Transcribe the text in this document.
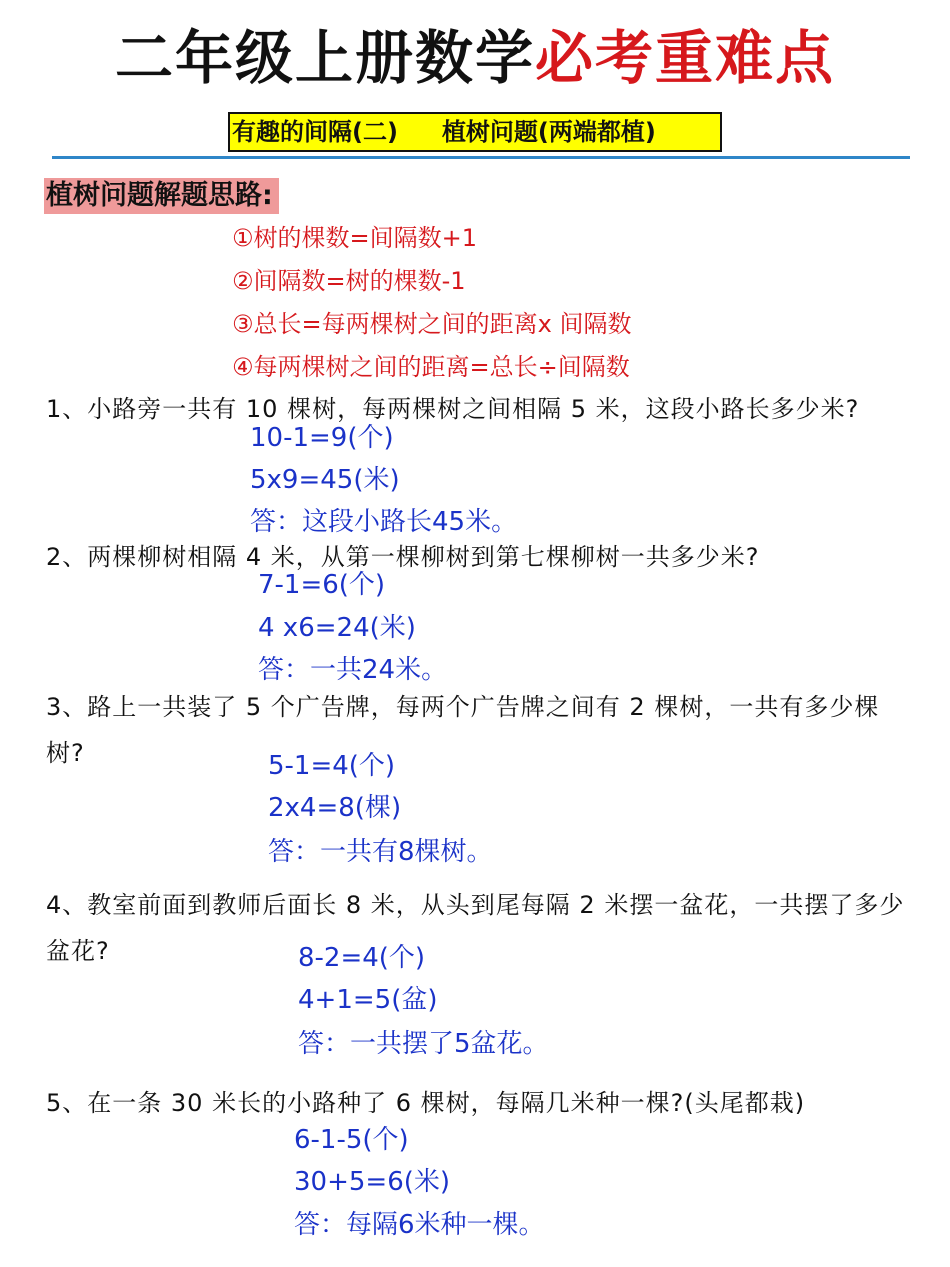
二年级上册数学必考重难点
有趣的间隔(二) 植树问题(两端都植)
植树问题解题思路:
①树的棵数=间隔数+1
②间隔数=树的棵数-1
③总长=每两棵树之间的距离x 间隔数
④每两棵树之间的距离=总长÷间隔数
1、小路旁一共有 10 棵树，每两棵树之间相隔 5 米，这段小路长多少米?
10-1=9(个)
5x9=45(米)
答：这段小路长45米。
2、两棵柳树相隔 4 米，从第一棵柳树到第七棵柳树一共多少米?
7-1=6(个)
4 x6=24(米)
答：一共24米。
3、路上一共装了 5 个广告牌，每两个广告牌之间有 2 棵树，一共有多少棵树?	5-1=4(个)
2x4=8(棵)
答：一共有8棵树。
4、教室前面到教师后面长 8 米，从头到尾每隔 2 米摆一盆花，一共摆了多少盆花?	8-2=4(个)
4+1=5(盆)
答：一共摆了5盆花。
5、在一条 30 米长的小路种了 6 棵树，每隔几米种一棵?(头尾都栽)
6-1-5(个)
30+5=6(米)
答：每隔6米种一棵。
